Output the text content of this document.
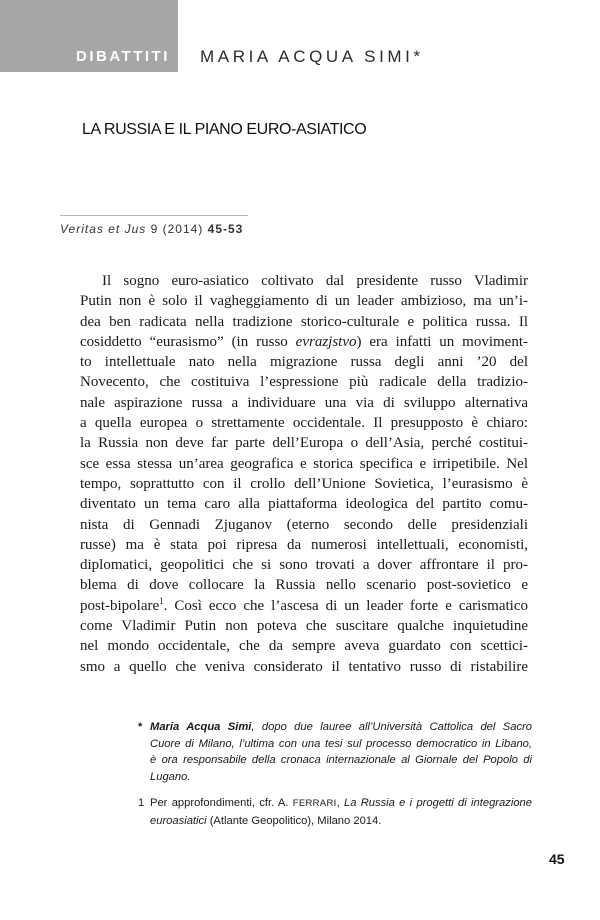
DIBATTITI MARIA ACQUA SIMI*
LA RUSSIA E IL PIANO EURO-ASIATICO
Veritas et Jus 9 (2014) 45-53
Il sogno euro-asiatico coltivato dal presidente russo Vladimir
Putin non è solo il vagheggiamento di un leader ambizioso, ma un’i-
dea ben radicata nella tradizione storico-culturale e politica russa. Il
cosiddetto “eurasismo” (in russo evrazjstvo) era infatti un moviment-
to intellettuale nato nella migrazione russa degli anni ’20 del
Novecento, che costituiva l’espressione più radicale della tradizio-
nale aspirazione russa a individuare una via di sviluppo alternativa
a quella europea o strettamente occidentale. Il presupposto è chiaro:
la Russia non deve far parte dell’Europa o dell’Asia, perché costitui-
sce essa stessa un’area geografica e storica specifica e irripetibile. Nel
tempo, soprattutto con il crollo dell’Unione Sovietica, l’eurasismo è
diventato un tema caro alla piattaforma ideologica del partito comu-
nista di Gennadi Zjuganov (eterno secondo delle presidenziali
russe) ma è stata poi ripresa da numerosi intellettuali, economisti,
diplomatici, geopolitici che si sono trovati a dover affrontare il pro-
blema di dove collocare la Russia nello scenario post-sovietico e
post-bipolare$^1$. Così ecco che l’ascesa di un leader forte e carismatico
come Vladimir Putin non poteva che suscitare qualche inquietudine
nel mondo occidentale, che da sempre aveva guardato con scettici-
smo a quello che veniva considerato il tentativo russo di ristabilire
* Maria Acqua Simi, dopo due lauree all’Università Cattolica del Sacro
Cuore di Milano, l’ultima con una tesi sul processo democratico in Libano,
è ora responsabile della cronaca internazionale al Giornale del Popolo di
Lugano.
1 Per approfondimenti, cfr. A. FERRARI, La Russia e i progetti di integrazione
euroasiatici (Atlante Geopolitico), Milano 2014.
45
